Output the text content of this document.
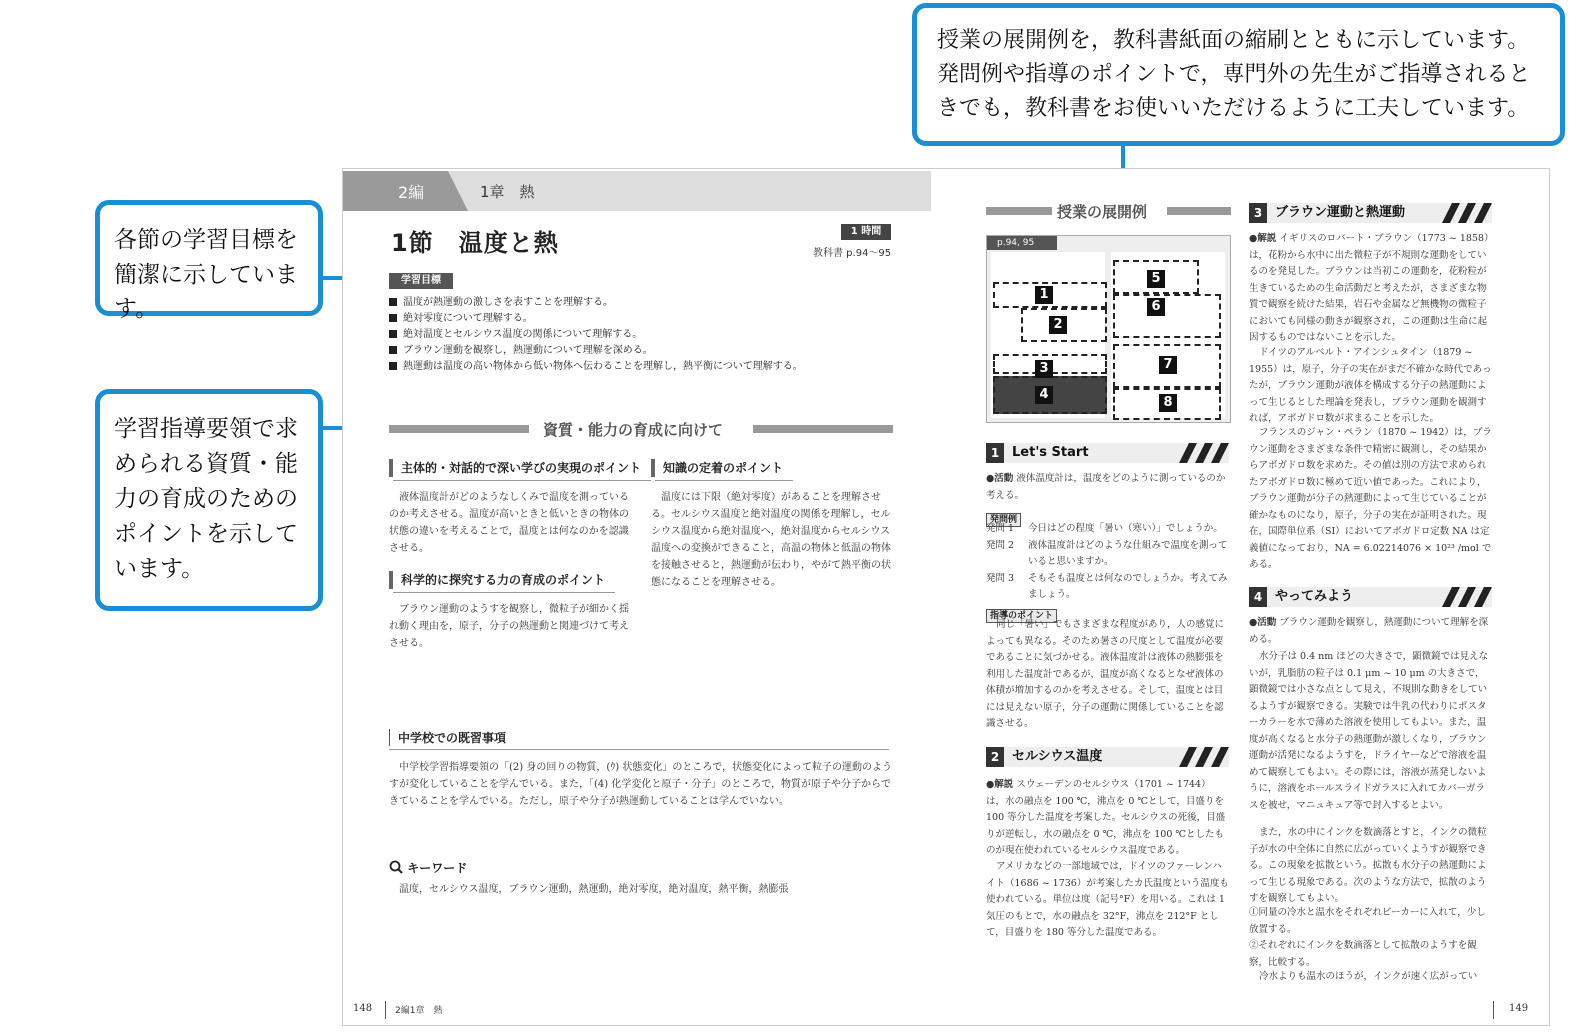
授業の展開例を，教科書紙面の縮刷とともに示しています。発問例や指導のポイントで，専門外の先生がご指導されるときでも，教科書をお使いいただけるように工夫しています。

各節の学習目標を簡潔に示しています。

学習指導要領で求められる資質・能力の育成のためのポイントを示しています。

2編	1章　熱
1節　温度と熱	1 時間
教科書 p.94〜95
学習目標
温度が熱運動の激しさを表すことを理解する。
絶対零度について理解する。
絶対温度とセルシウス温度の関係について理解する。
ブラウン運動を観察し，熱運動について理解を深める。
熱運動は温度の高い物体から低い物体へ伝わることを理解し，熱平衡について理解する。
資質・能力の育成に向けて
主体的・対話的で深い学びの実現のポイント
液体温度計がどのようなしくみで温度を測っているのか考えさせる。温度が高いときと低いときの物体の状態の違いを考えることで，温度とは何なのかを認識させる。
知識の定着のポイント
温度には下限（絶対零度）があることを理解させる。セルシウス温度と絶対温度の関係を理解し，セルシウス温度から絶対温度へ，絶対温度からセルシウス温度への変換ができること，高温の物体と低温の物体を接触させると，熱運動が伝わり，やがて熱平衡の状態になることを理解させる。
科学的に探究する力の育成のポイント
ブラウン運動のようすを観察し，微粒子が細かく揺れ動く理由を，原子，分子の熱運動と関連づけて考えさせる。
中学校での既習事項
中学校学習指導要領の「(2) 身の回りの物質，(ｳ) 状態変化」のところで，状態変化によって粒子の運動のようすが変化していることを学んでいる。また，「(4) 化学変化と原子・分子」のところで，物質が原子や分子からできていることを学んでいる。ただし，原子や分子が熱運動していることは学んでいない。
キーワード
温度，セルシウス温度，ブラウン運動，熱運動，絶対零度，絶対温度，熱平衡，熱膨張
148	2編1章　熱
授業の展開例
p.94, 95
1
2
3
4
5
6
7
8
1 Let's Start
●活動 液体温度計は，温度をどのように測っているのか考える。
発問例
発問 1	今日はどの程度「暑い（寒い）」でしょうか。
発問 2	液体温度計はどのような仕組みで温度を測っていると思いますか。
発問 3	そもそも温度とは何なのでしょうか。考えてみましょう。
指導のポイント
同じ「暑い」でもさまざまな程度があり，人の感覚によっても異なる。そのため暑さの尺度として温度が必要であることに気づかせる。液体温度計は液体の熱膨張を利用した温度計であるが，温度が高くなるとなぜ液体の体積が増加するのかを考えさせる。そして，温度とは目には見えない原子，分子の運動に関係していることを認識させる。
2 セルシウス温度
●解説 スウェーデンのセルシウス（1701 ~ 1744）は，水の融点を 100 ℃，沸点を 0 ℃として，目盛りを 100 等分した温度を考案した。セルシウスの死後，目盛りが逆転し，水の融点を 0 ℃，沸点を 100 ℃としたものが現在使われているセルシウス温度である。
アメリカなどの一部地域では，ドイツのファーレンハイト（1686 ~ 1736）が考案したカ氏温度という温度も使われている。単位は度（記号°F）を用いる。これは 1 気圧のもとで，水の融点を 32°F，沸点を 212°F として，目盛りを 180 等分した温度である。
3 ブラウン運動と熱運動
●解説 イギリスのロバート・ブラウン（1773 ~ 1858）は，花粉から水中に出た微粒子が不規則な運動をしているのを発見した。ブラウンは当初この運動を，花粉粒が生きているための生命活動だと考えたが，さまざまな物質で観察を続けた結果，岩石や金属など無機物の微粒子においても同様の動きが観察され，この運動は生命に起因するものではないことを示した。
ドイツのアルベルト・アインシュタイン（1879 ~ 1955）は，原子，分子の実在がまだ不確かな時代であったが，ブラウン運動が液体を構成する分子の熱運動によって生じるとした理論を発表し，ブラウン運動を観測すれば，アボガドロ数が求まることを示した。
フランスのジャン・ペラン（1870 ~ 1942）は，ブラウン運動をさまざまな条件で精密に観測し，その結果からアボガドロ数を求めた。その値は別の方法で求められたアボガドロ数に極めて近い値であった。これにより，ブラウン運動が分子の熱運動によって生じていることが確かなものになり，原子，分子の実在が証明された。現在，国際単位系（SI）においてアボガドロ定数 NA は定義値になっており，NA = 6.02214076 × 10²³ /mol である。
4 やってみよう
●活動 ブラウン運動を観察し，熱運動について理解を深める。
水分子は 0.4 nm ほどの大きさで，顕微鏡では見えないが，乳脂肪の粒子は 0.1 μm ~ 10 μm の大きさで，顕微鏡では小さな点として見え，不規則な動きをしているようすが観察できる。実験では牛乳の代わりにポスターカラーを水で薄めた溶液を使用してもよい。また，温度が高くなると水分子の熱運動が激しくなり，ブラウン運動が活発になるようすを，ドライヤーなどで溶液を温めて観察してもよい。その際には，溶液が蒸発しないように，溶液をホールスライドガラスに入れてカバーガラスを被せ，マニュキュア等で封入するとよい。
また，水の中にインクを数滴落とすと，インクの微粒子が水の中全体に自然に広がっていくようすが観察できる。この現象を拡散という。拡散も水分子の熱運動によって生じる現象である。次のような方法で，拡散のようすを観察してもよい。
①同量の冷水と温水をそれぞれビーカーに入れて，少し放置する。
②それぞれにインクを数滴落として拡散のようすを観察，比較する。
冷水よりも温水のほうが，インクが速く広がってい
149
